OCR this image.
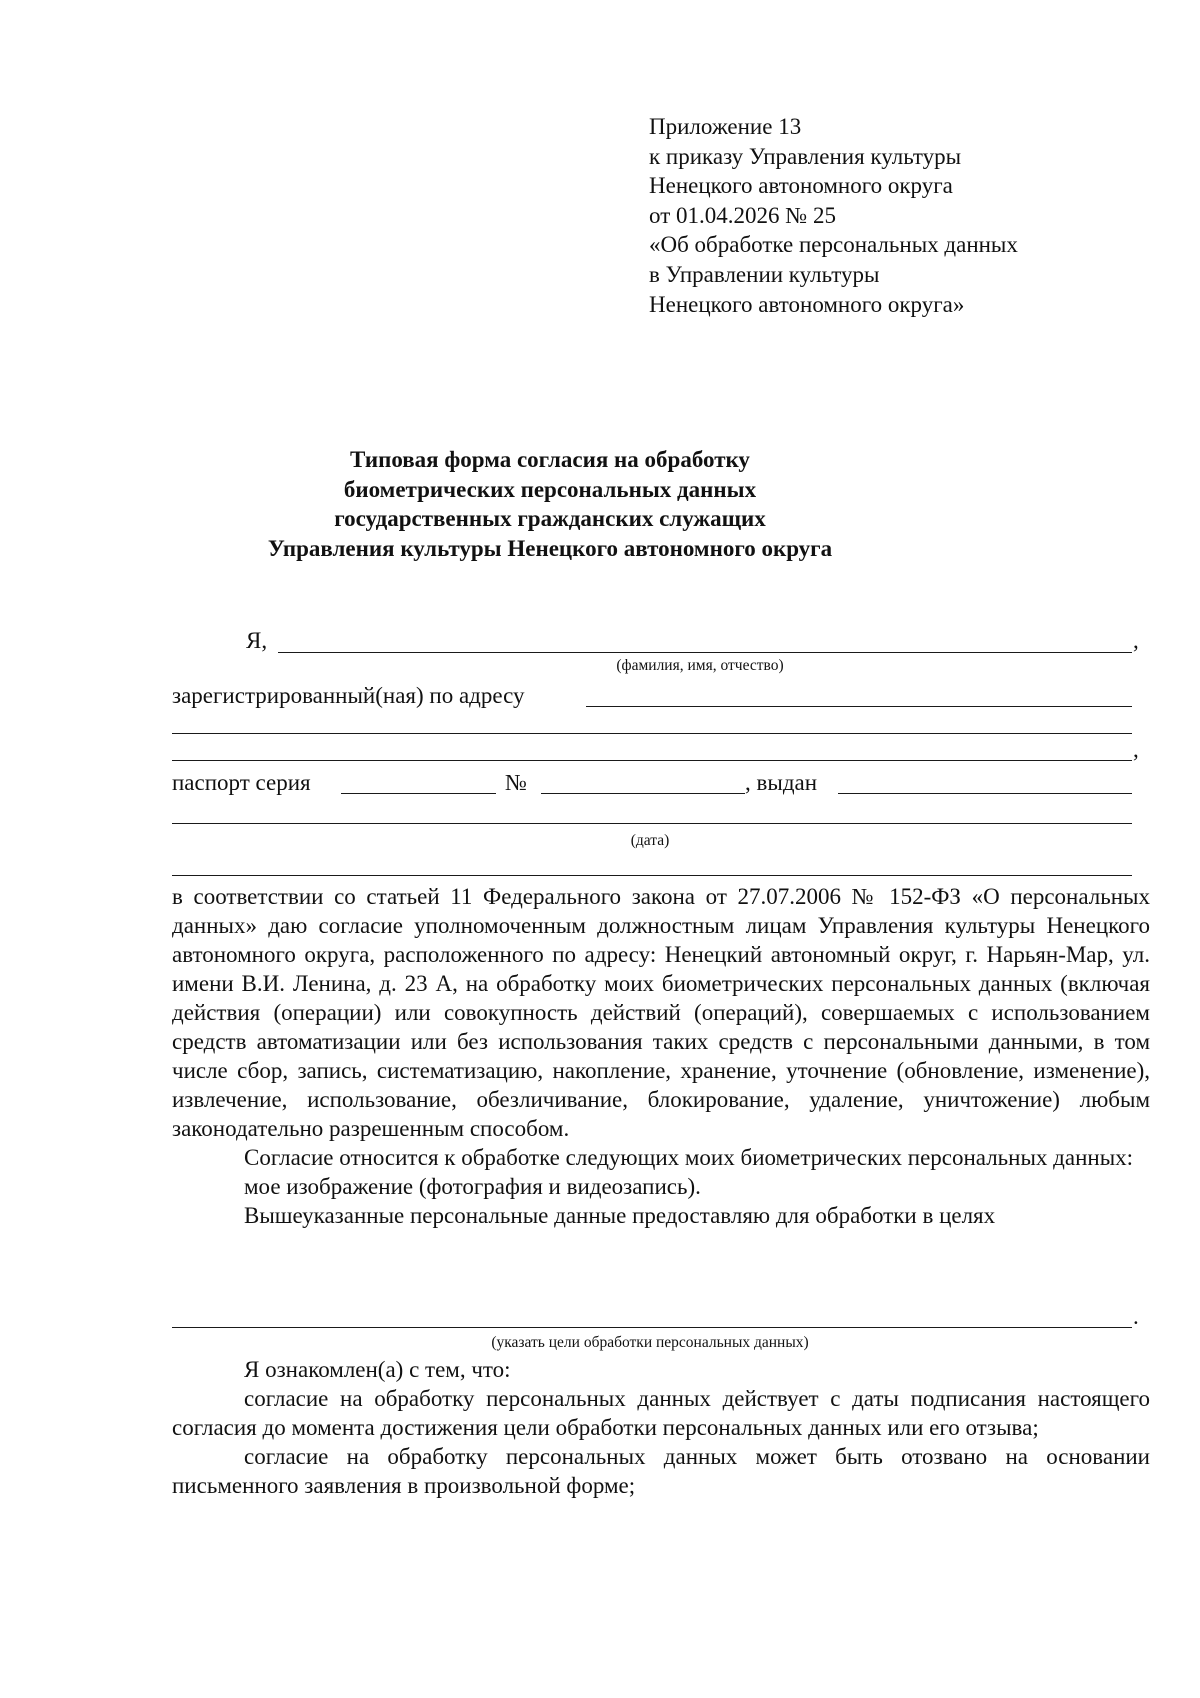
Приложение 13
к приказу Управления культуры
Ненецкого автономного округа
от 01.04.2026 № 25
«Об обработке персональных данных
в Управлении культуры
Ненецкого автономного округа»
Типовая форма согласия на обработку
биометрических персональных данных
государственных гражданских служащих
Управления культуры Ненецкого автономного округа
Я,	,
(фамилия, имя, отчество)
зарегистрированный(ная) по адресу
,
паспорт серия	№	, выдан
(дата)

в соответствии со статьей 11 Федерального закона от 27.07.2006 № 152-ФЗ «О персональных данных» даю согласие уполномоченным должностным лицам Управления культуры Ненецкого автономного округа, расположенного по адресу: Ненецкий автономный округ, г. Нарьян-Мар, ул. имени В.И. Ленина, д. 23 А, на обработку моих биометрических персональных данных (включая действия (операции) или совокупность действий (операций), совершаемых с использованием средств автоматизации или без использования таких средств с персональными данными, в том числе сбор, запись, систематизацию, накопление, хранение, уточнение (обновление, изменение), извлечение, использование, обезличивание, блокирование, удаление, уничтожение) любым законодательно разрешенным способом.

Согласие относится к обработке следующих моих биометрических персональных данных:

мое изображение (фотография и видеозапись).

Вышеуказанные персональные данные предоставляю для обработки в целях

.
(указать цели обработки персональных данных)

Я ознакомлен(а) с тем, что:

согласие на обработку персональных данных действует с даты подписания настоящего согласия до момента достижения цели обработки персональных данных или его отзыва;

согласие на обработку персональных данных может быть отозвано на основании письменного заявления в произвольной форме;
